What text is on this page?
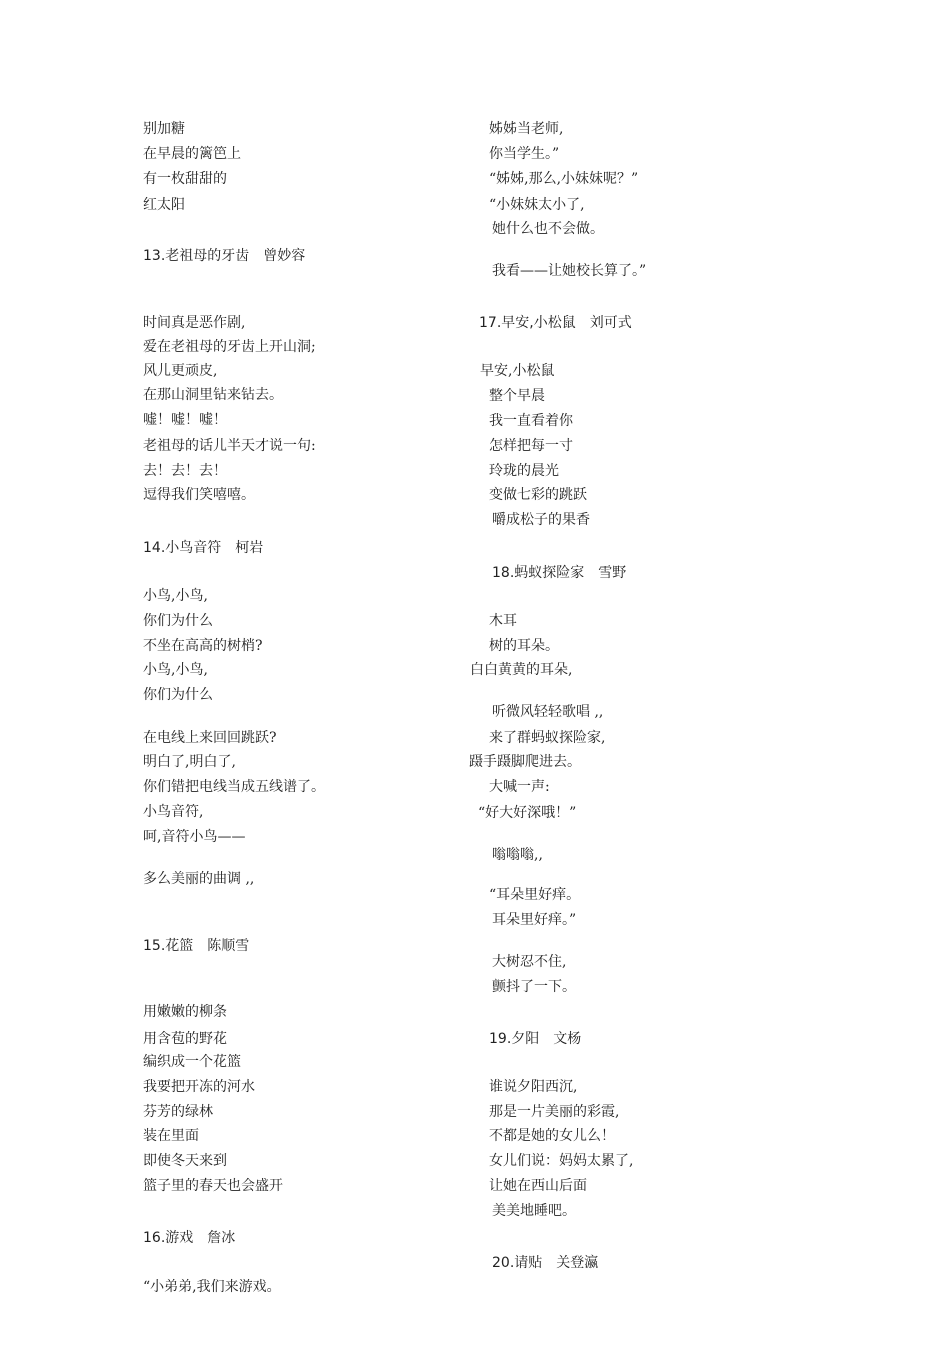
别加糖
在早晨的篱笆上
有一枚甜甜的
红太阳
13.老祖母的牙齿　曾妙容
时间真是恶作剧,
爱在老祖母的牙齿上开山洞;
风儿更顽皮,
在那山洞里钻来钻去。
嘘！嘘！嘘！
老祖母的话儿半天才说一句:
去！去！去！
逗得我们笑嘻嘻。
14.小鸟音符　柯岩
小鸟,小鸟,
你们为什么
不坐在高高的树梢?
小鸟,小鸟,
你们为什么
在电线上来回回跳跃?
明白了,明白了,
你们错把电线当成五线谱了。
小鸟音符,
呵,音符小鸟——
多么美丽的曲调 ,,
15.花篮　陈顺雪
用嫩嫩的柳条
用含苞的野花
编织成一个花篮
我要把开冻的河水
芬芳的绿林
装在里面
即使冬天来到
篮子里的春天也会盛开
16.游戏　詹冰
“小弟弟,我们来游戏。
姊姊当老师,
你当学生。”
“姊姊,那么,小妹妹呢？”
“小妹妹太小了,
她什么也不会做。
我看——让她校长算了。”
17.早安,小松鼠　刘可式
早安,小松鼠
整个早晨
我一直看着你
怎样把每一寸
玲珑的晨光
变做七彩的跳跃
嚼成松子的果香
18.蚂蚁探险家　雪野
木耳
树的耳朵。
白白黄黄的耳朵,
听微风轻轻歌唱 ,,
来了群蚂蚁探险家,
蹑手蹑脚爬进去。
大喊一声:
“好大好深哦！”
嗡嗡嗡,,
“耳朵里好痒。
耳朵里好痒。”
大树忍不住,
颤抖了一下。
19.夕阳　文杨
谁说夕阳西沉,
那是一片美丽的彩霞,
不都是她的女儿么！
女儿们说：妈妈太累了,
让她在西山后面
美美地睡吧。
20.请贴　关登瀛
